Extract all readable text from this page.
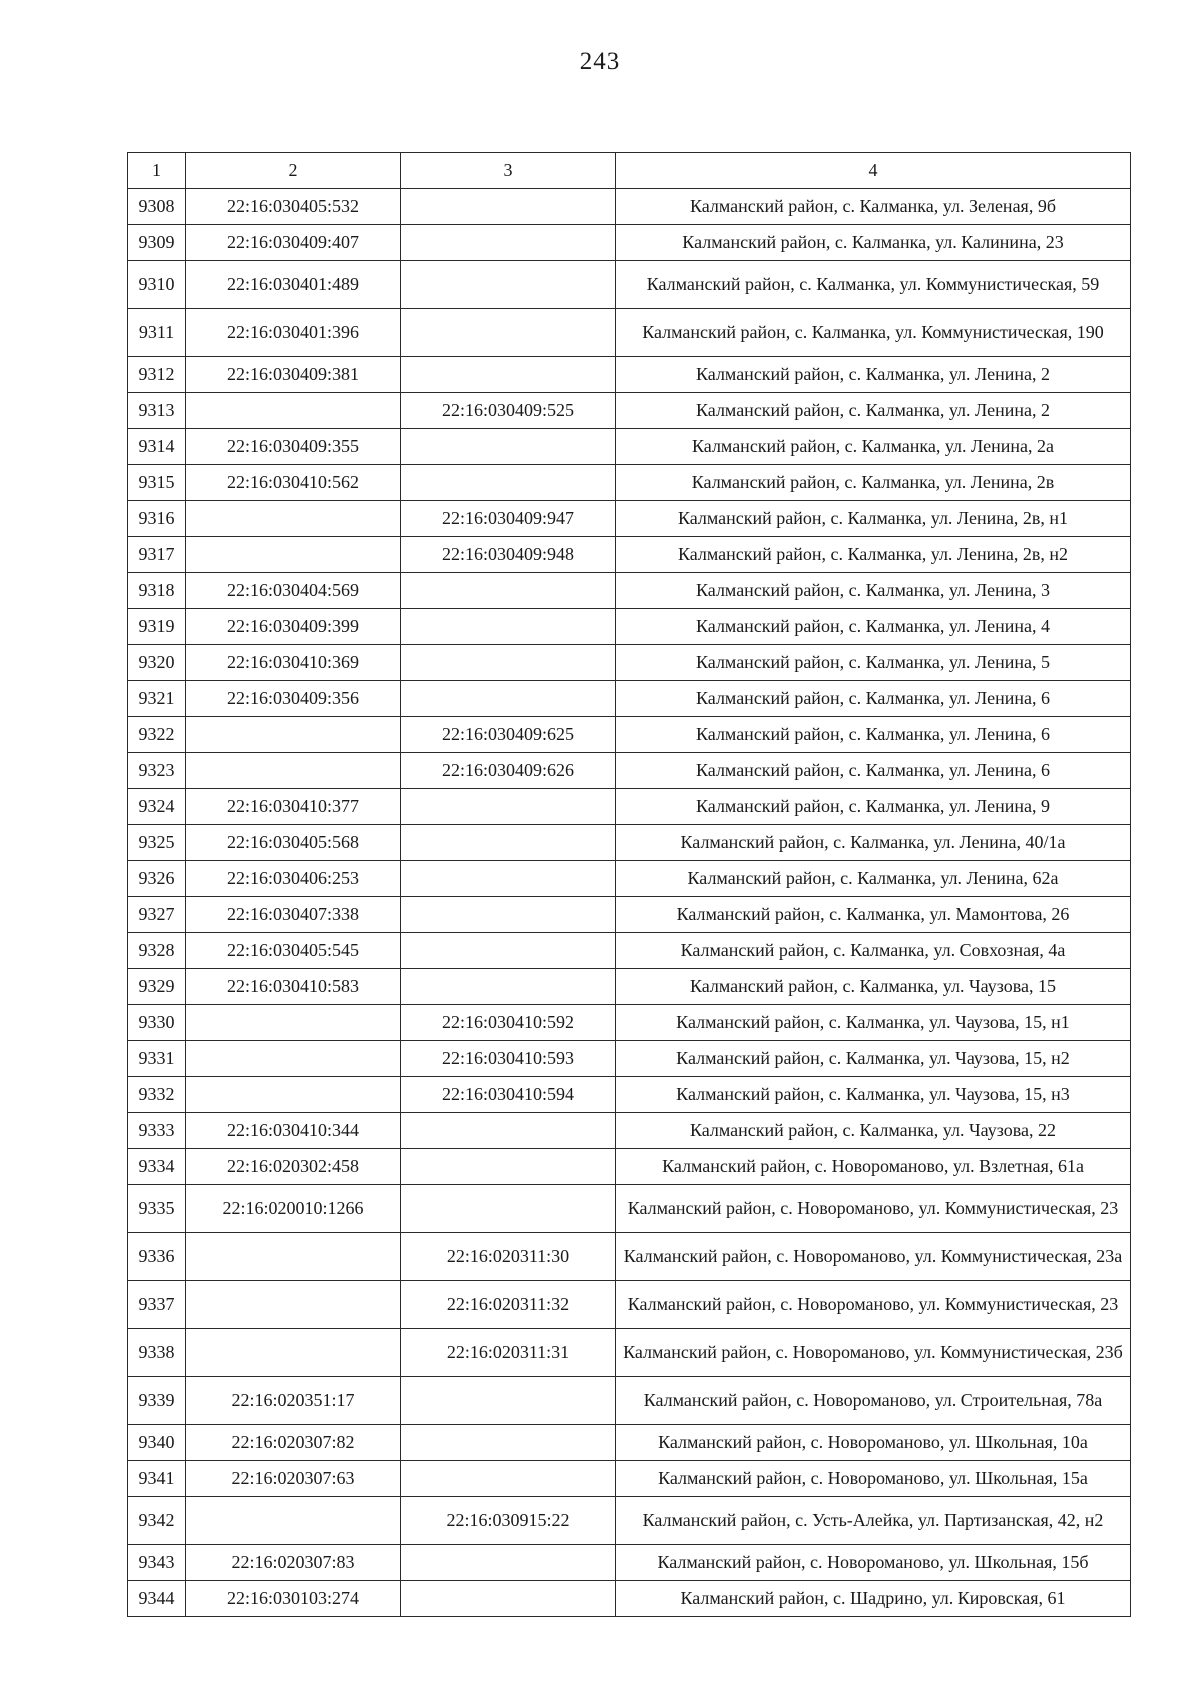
243
1	2	3	4
9308	22:16:030405:532		Калманский район, с. Калманка, ул. Зеленая, 9б
9309	22:16:030409:407		Калманский район, с. Калманка, ул. Калинина, 23
9310	22:16:030401:489		Калманский район, с. Калманка, ул. Коммунистическая, 59
9311	22:16:030401:396		Калманский район, с. Калманка, ул. Коммунистическая, 190
9312	22:16:030409:381		Калманский район, с. Калманка, ул. Ленина, 2
9313		22:16:030409:525	Калманский район, с. Калманка, ул. Ленина, 2
9314	22:16:030409:355		Калманский район, с. Калманка, ул. Ленина, 2а
9315	22:16:030410:562		Калманский район, с. Калманка, ул. Ленина, 2в
9316		22:16:030409:947	Калманский район, с. Калманка, ул. Ленина, 2в, н1
9317		22:16:030409:948	Калманский район, с. Калманка, ул. Ленина, 2в, н2
9318	22:16:030404:569		Калманский район, с. Калманка, ул. Ленина, 3
9319	22:16:030409:399		Калманский район, с. Калманка, ул. Ленина, 4
9320	22:16:030410:369		Калманский район, с. Калманка, ул. Ленина, 5
9321	22:16:030409:356		Калманский район, с. Калманка, ул. Ленина, 6
9322		22:16:030409:625	Калманский район, с. Калманка, ул. Ленина, 6
9323		22:16:030409:626	Калманский район, с. Калманка, ул. Ленина, 6
9324	22:16:030410:377		Калманский район, с. Калманка, ул. Ленина, 9
9325	22:16:030405:568		Калманский район, с. Калманка, ул. Ленина, 40/1а
9326	22:16:030406:253		Калманский район, с. Калманка, ул. Ленина, 62а
9327	22:16:030407:338		Калманский район, с. Калманка, ул. Мамонтова, 26
9328	22:16:030405:545		Калманский район, с. Калманка, ул. Совхозная, 4а
9329	22:16:030410:583		Калманский район, с. Калманка, ул. Чаузова, 15
9330		22:16:030410:592	Калманский район, с. Калманка, ул. Чаузова, 15, н1
9331		22:16:030410:593	Калманский район, с. Калманка, ул. Чаузова, 15, н2
9332		22:16:030410:594	Калманский район, с. Калманка, ул. Чаузова, 15, н3
9333	22:16:030410:344		Калманский район, с. Калманка, ул. Чаузова, 22
9334	22:16:020302:458		Калманский район, с. Новороманово, ул. Взлетная, 61а
9335	22:16:020010:1266		Калманский район, с. Новороманово, ул. Коммунистическая, 23
9336		22:16:020311:30	Калманский район, с. Новороманово, ул. Коммунистическая, 23а
9337		22:16:020311:32	Калманский район, с. Новороманово, ул. Коммунистическая, 23
9338		22:16:020311:31	Калманский район, с. Новороманово, ул. Коммунистическая, 23б
9339	22:16:020351:17		Калманский район, с. Новороманово, ул. Строительная, 78а
9340	22:16:020307:82		Калманский район, с. Новороманово, ул. Школьная, 10а
9341	22:16:020307:63		Калманский район, с. Новороманово, ул. Школьная, 15а
9342		22:16:030915:22	Калманский район, с. Усть-Алейка, ул. Партизанская, 42, н2
9343	22:16:020307:83		Калманский район, с. Новороманово, ул. Школьная, 15б
9344	22:16:030103:274		Калманский район, с. Шадрино, ул. Кировская, 61
